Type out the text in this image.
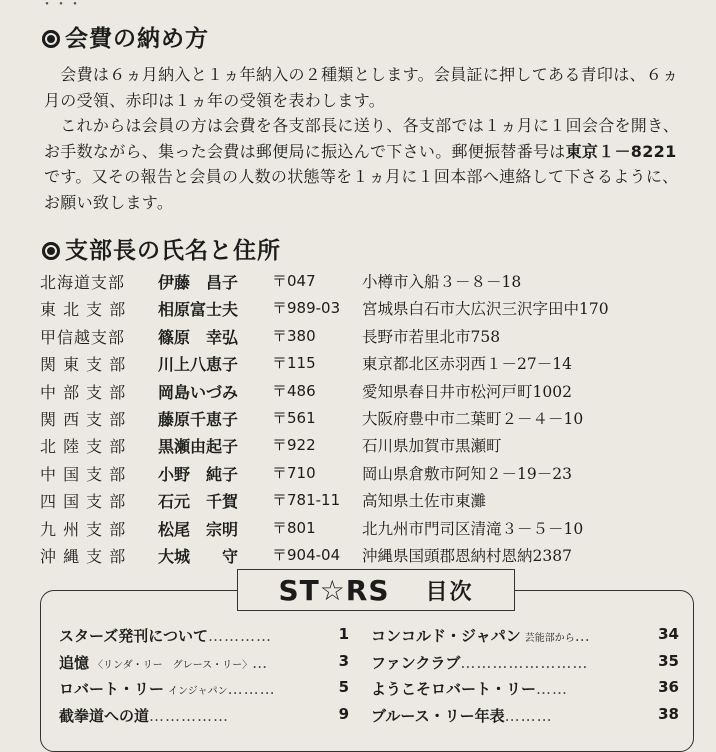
・・・
会費の納め方
　会費は６ヵ月納入と１ヵ年納入の２種類とします。会員証に押してある青印は、６ヵ月の受領、赤印は１ヵ年の受領を表わします。
　これからは会員の方は会費を各支部長に送り、各支部では１ヵ月に１回会合を開き、お手数ながら、集った会費は郵便局に振込んで下さい。郵便振替番号は東京１－8221です。又その報告と会員の人数の状態等を１ヵ月に１回本部へ連絡して下さるように、お願い致します。
支部長の氏名と住所
北海道支部 伊藤　昌子 〒047	小樽市入船３－８－18
東 北 支 部 相原富士夫 〒989-03 宮城県白石市大広沢三沢字田中170
甲信越支部 篠原　幸弘 〒380	長野市若里北市758
関 東 支 部 川上八恵子 〒115	東京都北区赤羽西１－27－14
中 部 支 部 岡島いづみ 〒486	愛知県春日井市松河戸町1002
関 西 支 部 藤原千恵子 〒561	大阪府豊中市二葉町２－４－10
北 陸 支 部 黒瀬由起子 〒922	石川県加賀市黒瀬町
中 国 支 部 小野　純子 〒710	岡山県倉敷市阿知２－19－23
四 国 支 部 石元　千賀 〒781-11 高知県土佐市東灘
九 州 支 部 松尾　宗明 〒801	北九州市門司区清滝３－５－10
沖 縄 支 部 大城　　守 〒904-04 沖縄県国頭郡恩納村恩納2387
ST☆RS 目次
スターズ発刊について…………	1
追憶 〈リンダ・リー　グレース・リー〉…	3
ロバート・リー インジャパン………	5
截拳道への道……………	9
コンコルド・ジャパン 芸能部から…	34
ファンクラブ……………………	35
ようこそロバート・リー……	36
ブルース・リー年表………	38
